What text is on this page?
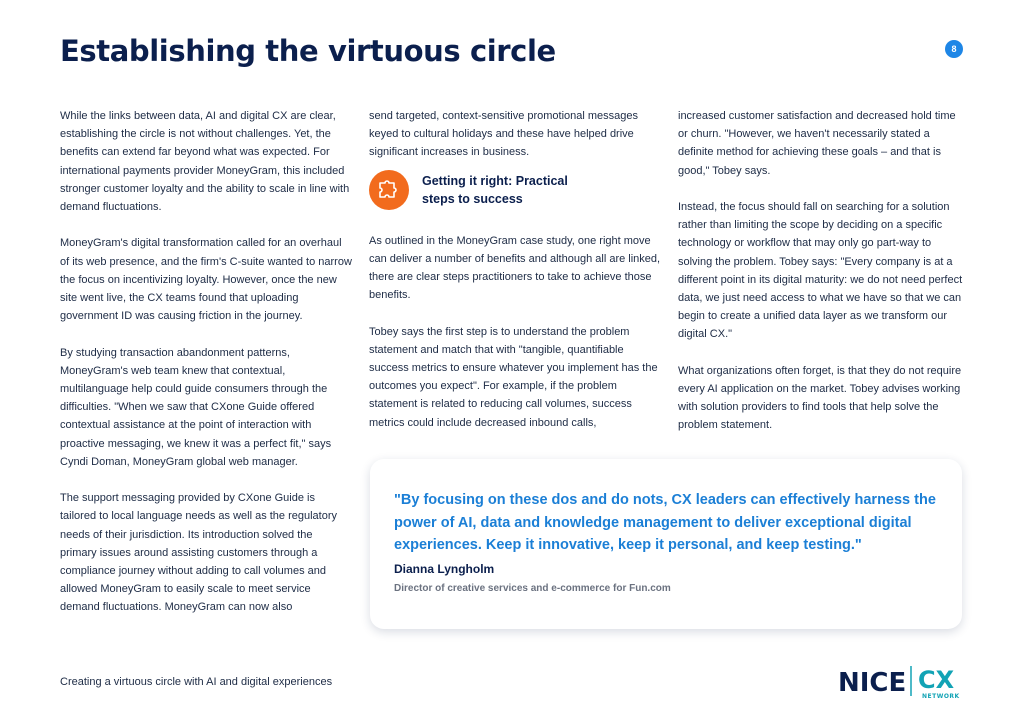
Establishing the virtuous circle	8

While the links between data, AI and digital CX are clear, establishing the circle is not without challenges. Yet, the benefits can extend far beyond what was expected. For international payments provider MoneyGram, this included stronger customer loyalty and the ability to scale in line with demand fluctuations.

MoneyGram's digital transformation called for an overhaul of its web presence, and the firm's C-suite wanted to narrow the focus on incentivizing loyalty. However, once the new site went live, the CX teams found that uploading government ID was causing friction in the journey.

By studying transaction abandonment patterns, MoneyGram's web team knew that contextual, multilanguage help could guide consumers through the difficulties. "When we saw that CXone Guide offered contextual assistance at the point of interaction with proactive messaging, we knew it was a perfect fit," says Cyndi Doman, MoneyGram global web manager.

The support messaging provided by CXone Guide is tailored to local language needs as well as the regulatory needs of their jurisdiction. Its introduction solved the primary issues around assisting customers through a compliance journey without adding to call volumes and allowed MoneyGram to easily scale to meet service demand fluctuations. MoneyGram can now also

send targeted, context-sensitive promotional messages keyed to cultural holidays and these have helped drive significant increases in business.

Getting it right: Practical
steps to success

As outlined in the MoneyGram case study, one right move can deliver a number of benefits and although all are linked, there are clear steps practitioners to take to achieve those benefits.

Tobey says the first step is to understand the problem statement and match that with "tangible, quantifiable success metrics to ensure whatever you implement has the outcomes you expect". For example, if the problem statement is related to reducing call volumes, success metrics could include decreased inbound calls,

increased customer satisfaction and decreased hold time or churn. "However, we haven't necessarily stated a definite method for achieving these goals – and that is good," Tobey says.

Instead, the focus should fall on searching for a solution rather than limiting the scope by deciding on a specific technology or workflow that may only go part-way to solving the problem. Tobey says: "Every company is at a different point in its digital maturity: we do not need perfect data, we just need access to what we have so that we can begin to create a unified data layer as we transform our digital CX."

What organizations often forget, is that they do not require every AI application on the market. Tobey advises working with solution providers to find tools that help solve the problem statement.

"By focusing on these dos and do nots, CX leaders can effectively harness the power of AI, data and knowledge management to deliver exceptional digital experiences. Keep it innovative, keep it personal, and keep testing."

Dianna Lyngholm
Director of creative services and e-commerce for Fun.com
Creating a virtuous circle with AI and digital experiences	NICE CX
NETWORK
